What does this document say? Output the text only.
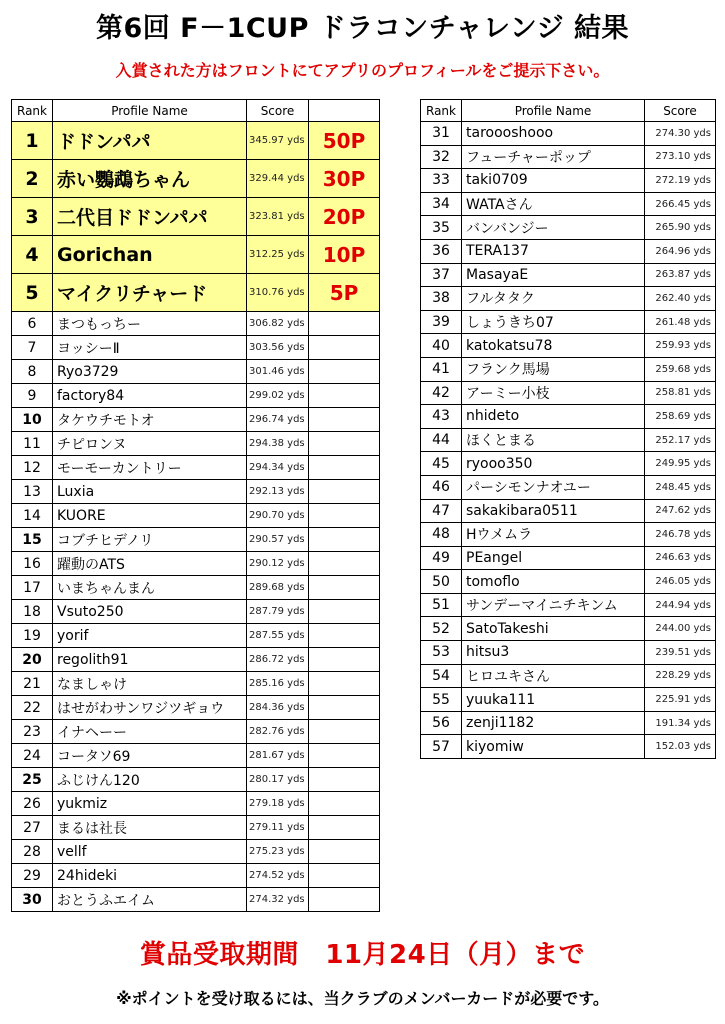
第6回 F－1CUP ドラコンチャレンジ 結果
入賞された方はフロントにてアプリのプロフィールをご提示下さい。
Rank	Profile Name	Score	
1	ドドンパパ	345.97 yds	50P
2	赤い鸚鵡ちゃん	329.44 yds	30P
3	二代目ドドンパパ	323.81 yds	20P
4	Gorichan	312.25 yds	10P
5	マイクリチャード	310.76 yds	5P
6	まつもっちー	306.82 yds	
7	ヨッシーⅡ	303.56 yds	
8	Ryo3729	301.46 yds	
9	factory84	299.02 yds	
10	タケウチモトオ	296.74 yds	
11	チピロンヌ	294.38 yds	
12	モーモーカントリー	294.34 yds	
13	Luxia	292.13 yds	
14	KUORE	290.70 yds	
15	コブチヒデノリ	290.57 yds	
16	躍動のATS	290.12 yds	
17	いまちゃんまん	289.68 yds	
18	Vsuto250	287.79 yds	
19	yorif	287.55 yds	
20	regolith91	286.72 yds	
21	なましゃけ	285.16 yds	
22	はせがわサンワジツギョウ	284.36 yds	
23	イナヘーー	282.76 yds	
24	コータソ69	281.67 yds	
25	ふじけん120	280.17 yds	
26	yukmiz	279.18 yds	
27	まるは社長	279.11 yds	
28	vellf	275.23 yds	
29	24hideki	274.52 yds	
30	おとうふエイム	274.32 yds	
Rank	Profile Name	Score
31	taroooshooo	274.30 yds
32	フューチャーポップ	273.10 yds
33	taki0709	272.19 yds
34	WATAさん	266.45 yds
35	バンバンジー	265.90 yds
36	TERA137	264.96 yds
37	MasayaE	263.87 yds
38	フルタタク	262.40 yds
39	しょうきち07	261.48 yds
40	katokatsu78	259.93 yds
41	フランク馬場	259.68 yds
42	アーミー小枝	258.81 yds
43	nhideto	258.69 yds
44	ほくとまる	252.17 yds
45	ryooo350	249.95 yds
46	パーシモンナオユー	248.45 yds
47	sakakibara0511	247.62 yds
48	Hウメムラ	246.78 yds
49	PEangel	246.63 yds
50	tomoflo	246.05 yds
51	サンデーマイニチキンム	244.94 yds
52	SatoTakeshi	244.00 yds
53	hitsu3	239.51 yds
54	ヒロユキさん	228.29 yds
55	yuuka111	225.91 yds
56	zenji1182	191.34 yds
57	kiyomiw	152.03 yds
賞品受取期間　11月24日（月）まで
※ポイントを受け取るには、当クラブのメンバーカードが必要です。
